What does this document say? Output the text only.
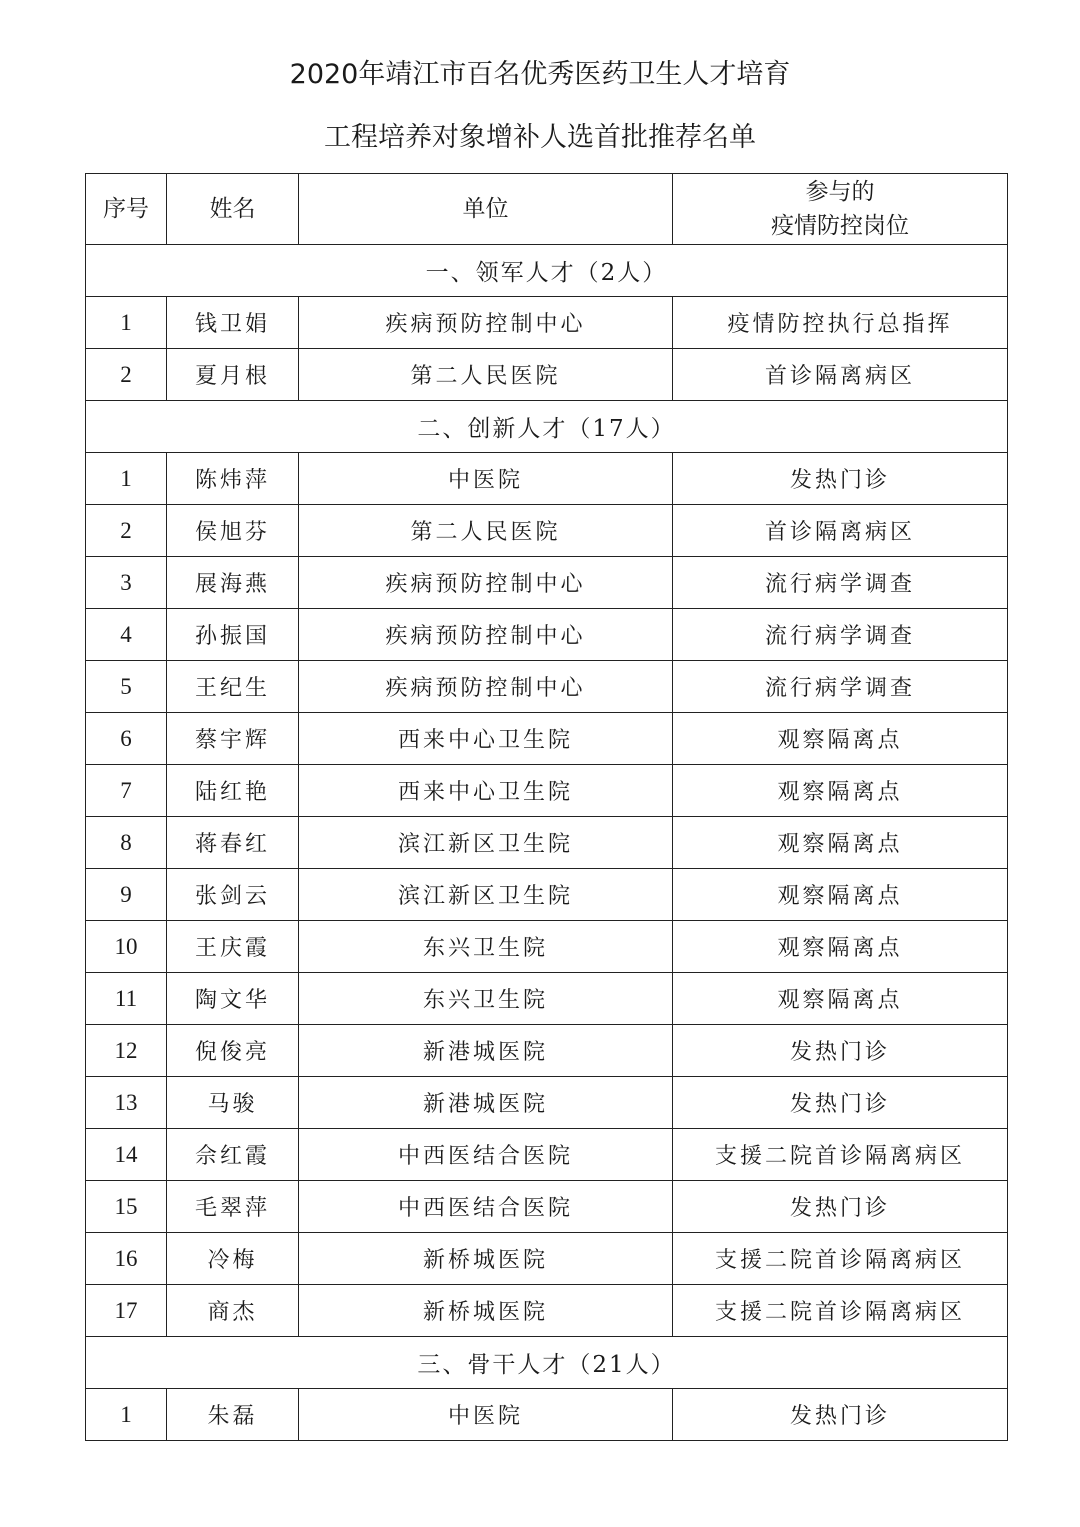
2020年靖江市百名优秀医药卫生人才培育
工程培养对象增补人选首批推荐名单
序号	姓名	单位	参与的
疫情防控岗位

一、领军人才（2人）			
1	钱卫娟	疾病预防控制中心	疫情防控执行总指挥
2	夏月根	第二人民医院	首诊隔离病区
二、创新人才（17人）			
1	陈炜萍	中医院	发热门诊
2	侯旭芬	第二人民医院	首诊隔离病区
3	展海燕	疾病预防控制中心	流行病学调查
4	孙振国	疾病预防控制中心	流行病学调查
5	王纪生	疾病预防控制中心	流行病学调查
6	蔡宇辉	西来中心卫生院	观察隔离点
7	陆红艳	西来中心卫生院	观察隔离点
8	蒋春红	滨江新区卫生院	观察隔离点
9	张剑云	滨江新区卫生院	观察隔离点
10	王庆霞	东兴卫生院	观察隔离点
11	陶文华	东兴卫生院	观察隔离点
12	倪俊亮	新港城医院	发热门诊
13	马骏	新港城医院	发热门诊
14	佘红霞	中西医结合医院	支援二院首诊隔离病区
15	毛翠萍	中西医结合医院	发热门诊
16	冷梅	新桥城医院	支援二院首诊隔离病区
17	商杰	新桥城医院	支援二院首诊隔离病区
三、骨干人才（21人）			
1	朱磊	中医院	发热门诊
